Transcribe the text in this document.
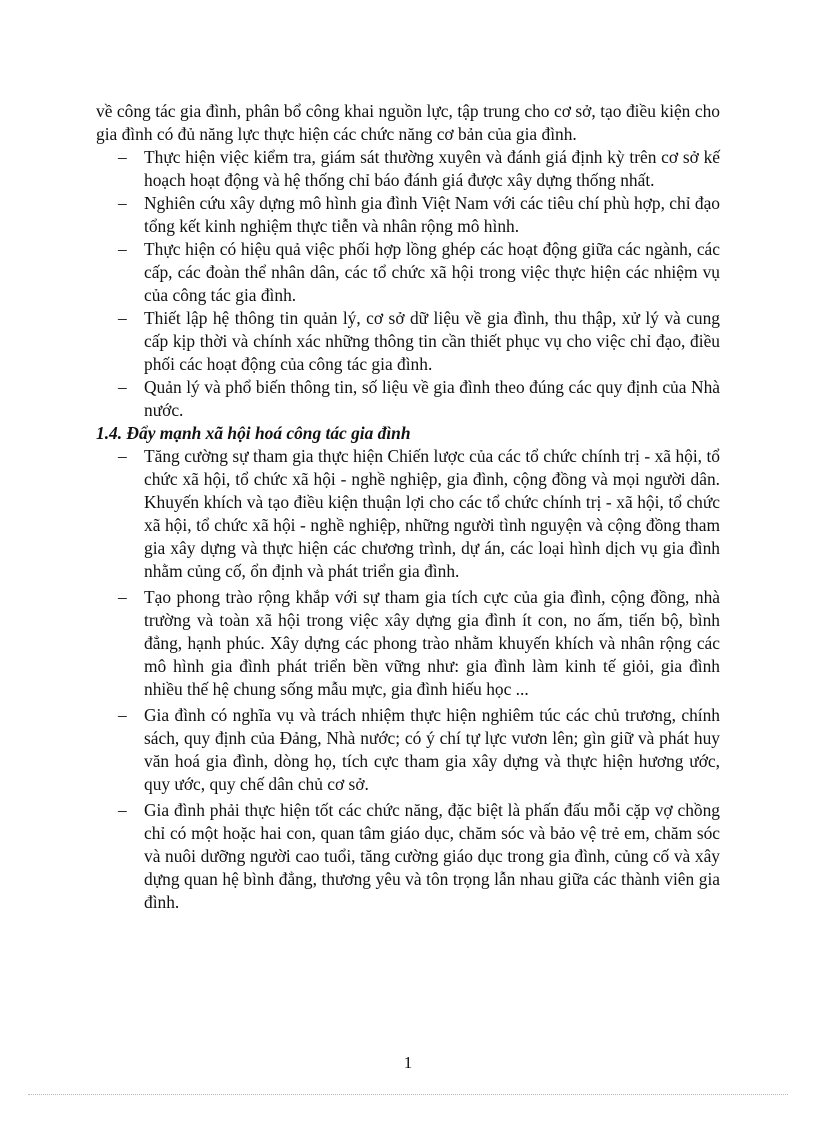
về công tác gia đình, phân bổ công khai nguồn lực, tập trung cho cơ sở, tạo điều kiện cho gia đình có đủ năng lực thực hiện các chức năng cơ bản của gia đình.

– Thực hiện việc kiểm tra, giám sát thường xuyên và đánh giá định kỳ trên cơ sở kế hoạch hoạt động và hệ thống chỉ báo đánh giá được xây dựng thống nhất.
– Nghiên cứu xây dựng mô hình gia đình Việt Nam với các tiêu chí phù hợp, chỉ đạo tổng kết kinh nghiệm thực tiễn và nhân rộng mô hình.
– Thực hiện có hiệu quả việc phối hợp lồng ghép các hoạt động giữa các ngành, các cấp, các đoàn thể nhân dân, các tổ chức xã hội trong việc thực hiện các nhiệm vụ của công tác gia đình.
– Thiết lập hệ thông tin quản lý, cơ sở dữ liệu về gia đình, thu thập, xử lý và cung cấp kịp thời và chính xác những thông tin cần thiết phục vụ cho việc chỉ đạo, điều phối các hoạt động của công tác gia đình.
– Quản lý và phổ biến thông tin, số liệu về gia đình theo đúng các quy định của Nhà nước.

1.4. Đẩy mạnh xã hội hoá công tác gia đình

– Tăng cường sự tham gia thực hiện Chiến lược của các tổ chức chính trị - xã hội, tổ chức xã hội, tổ chức xã hội - nghề nghiệp, gia đình, cộng đồng và mọi người dân. Khuyến khích và tạo điều kiện thuận lợi cho các tổ chức chính trị - xã hội, tổ chức xã hội, tổ chức xã hội - nghề nghiệp, những người tình nguyện và cộng đồng tham gia xây dựng và thực hiện các chương trình, dự án, các loại hình dịch vụ gia đình nhằm củng cố, ổn định và phát triển gia đình.
– Tạo phong trào rộng khắp với sự tham gia tích cực của gia đình, cộng đồng, nhà trường và toàn xã hội trong việc xây dựng gia đình ít con, no ấm, tiến bộ, bình đẳng, hạnh phúc. Xây dựng các phong trào nhằm khuyến khích và nhân rộng các mô hình gia đình phát triển bền vững như: gia đình làm kinh tế giỏi, gia đình nhiều thế hệ chung sống mẫu mực, gia đình hiếu học ...
– Gia đình có nghĩa vụ và trách nhiệm thực hiện nghiêm túc các chủ trương, chính sách, quy định của Đảng, Nhà nước; có ý chí tự lực vươn lên; gìn giữ và phát huy văn hoá gia đình, dòng họ, tích cực tham gia xây dựng và thực hiện hương ước, quy ước, quy chế dân chủ cơ sở.
– Gia đình phải thực hiện tốt các chức năng, đặc biệt là phấn đấu mỗi cặp vợ chồng chỉ có một hoặc hai con, quan tâm giáo dục, chăm sóc và bảo vệ trẻ em, chăm sóc và nuôi dưỡng người cao tuổi, tăng cường giáo dục trong gia đình, củng cố và xây dựng quan hệ bình đẳng, thương yêu và tôn trọng lẫn nhau giữa các thành viên gia đình.
1
